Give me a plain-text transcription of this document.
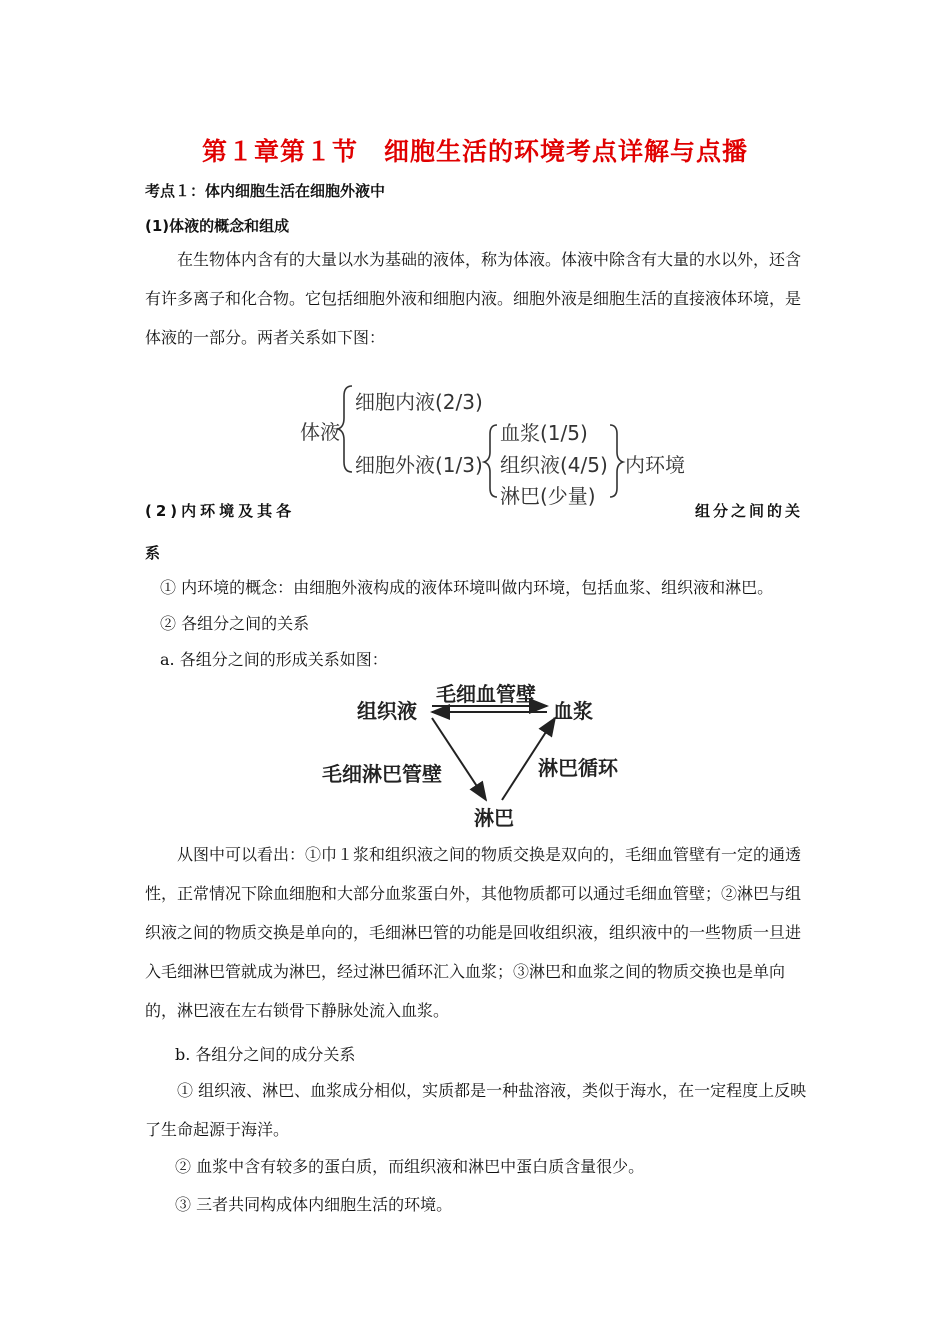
第１章第１节　细胞生活的环境考点详解与点播
考点１：体内细胞生活在细胞外液中
(1)体液的概念和组成
在生物体内含有的大量以水为基础的液体，称为体液。体液中除含有大量的水以外，还含有许多离子和化合物。它包括细胞外液和细胞内液。细胞外液是细胞生活的直接液体环境，是体液的一部分。两者关系如下图：
体液
细胞内液(2/3)
细胞外液(1/3)
血浆(1/5)
组织液(4/5)
淋巴(少量)
内环境
(2)内环境及其各	组分之间的关
系
① 内环境的概念：由细胞外液构成的液体环境叫做内环境，包括血浆、组织液和淋巴。
② 各组分之间的关系
a. 各组分之间的形成关系如图：
组织液	血浆
淋巴
毛细血管壁
毛细淋巴管壁	淋巴循环
从图中可以看出：①巾１浆和组织液之间的物质交换是双向的，毛细血管壁有一定的通透性，正常情况下除血细胞和大部分血浆蛋白外，其他物质都可以通过毛细血管壁；②淋巴与组织液之间的物质交换是单向的，毛细淋巴管的功能是回收组织液，组织液中的一些物质一旦进入毛细淋巴管就成为淋巴，经过淋巴循环汇入血浆；③淋巴和血浆之间的物质交换也是单向的，淋巴液在左右锁骨下静脉处流入血浆。
b. 各组分之间的成分关系
① 组织液、淋巴、血浆成分相似，实质都是一种盐溶液，类似于海水，在一定程度上反映了生命起源于海洋。
② 血浆中含有较多的蛋白质，而组织液和淋巴中蛋白质含量很少。
③ 三者共同构成体内细胞生活的环境。
